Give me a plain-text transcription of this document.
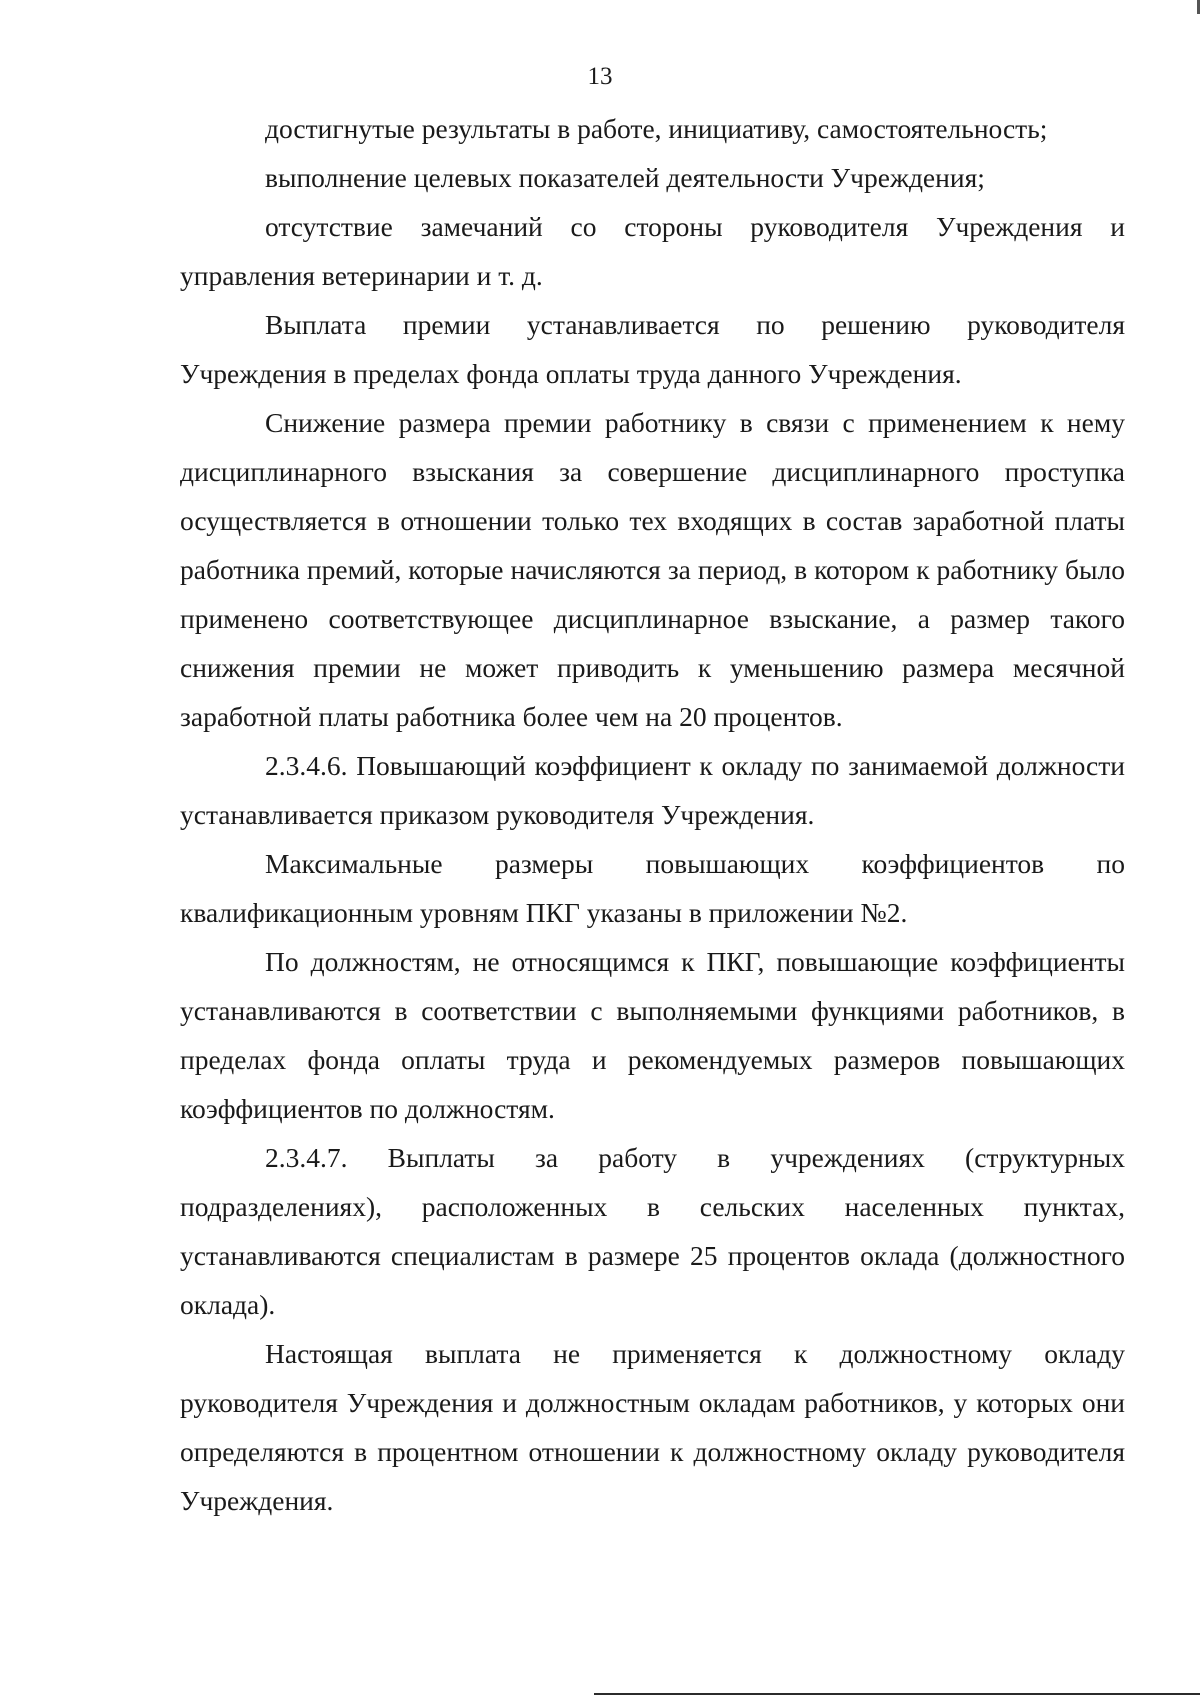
13

достигнутые результаты в работе, инициативу, самостоятельность;

выполнение целевых показателей деятельности Учреждения;

отсутствие замечаний со стороны руководителя Учреждения и управления ветеринарии и т. д.

Выплата премии устанавливается по решению руководителя Учреждения в пределах фонда оплаты труда данного Учреждения.

Снижение размера премии работнику в связи с применением к нему дисциплинарного взыскания за совершение дисциплинарного проступка осуществляется в отношении только тех входящих в состав заработной платы работника премий, которые начисляются за период, в котором к работнику было применено соответствующее дисциплинарное взыскание, а размер такого снижения премии не может приводить к уменьшению размера месячной заработной платы работника более чем на 20 процентов.

2.3.4.6. Повышающий коэффициент к окладу по занимаемой должности устанавливается приказом руководителя Учреждения.

Максимальные размеры повышающих коэффициентов по квалификационным уровням ПКГ указаны в приложении №2.

По должностям, не относящимся к ПКГ, повышающие коэффициенты устанавливаются в соответствии с выполняемыми функциями работников, в пределах фонда оплаты труда и рекомендуемых размеров повышающих коэффициентов по должностям.

2.3.4.7. Выплаты за работу в учреждениях (структурных подразделениях), расположенных в сельских населенных пунктах, устанавливаются специалистам в размере 25 процентов оклада (должностного оклада).

Настоящая выплата не применяется к должностному окладу руководителя Учреждения и должностным окладам работников, у которых они определяются в процентном отношении к должностному окладу руководителя Учреждения.
